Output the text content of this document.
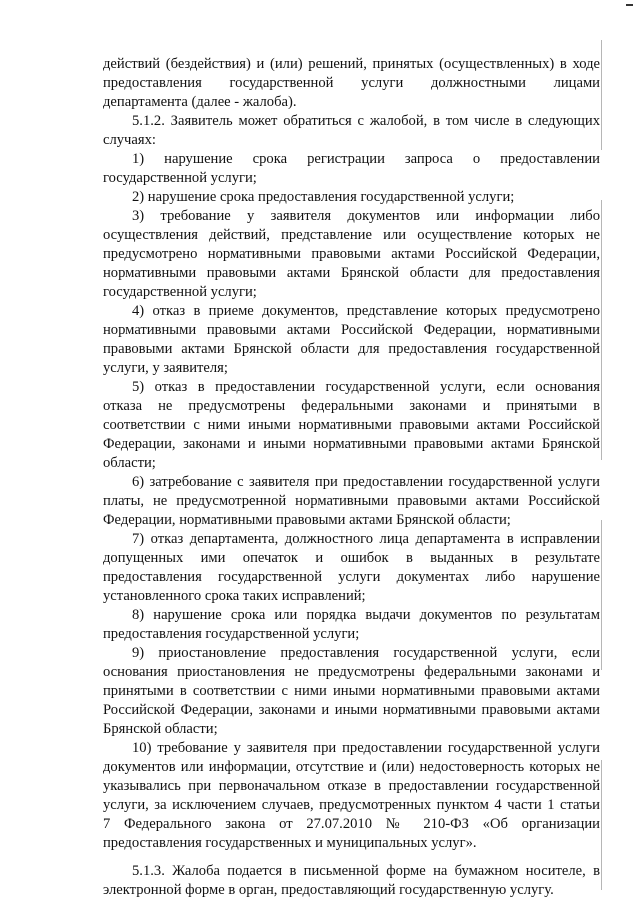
действий (бездействия) и (или) решений, принятых (осуществленных) в ходе
предоставления государственной услуги должностными лицами
департамента (далее - жалоба).
5.1.2. Заявитель может обратиться с жалобой, в том числе в следующих
случаях:
1) нарушение срока регистрации запроса о предоставлении
государственной услуги;
2) нарушение срока предоставления государственной услуги;
3) требование у заявителя документов или информации либо
осуществления действий, представление или осуществление которых не
предусмотрено нормативными правовыми актами Российской Федерации,
нормативными правовыми актами Брянской области для предоставления
государственной услуги;
4) отказ в приеме документов, представление которых предусмотрено
нормативными правовыми актами Российской Федерации, нормативными
правовыми актами Брянской области для предоставления государственной
услуги, у заявителя;
5) отказ в предоставлении государственной услуги, если основания
отказа не предусмотрены федеральными законами и принятыми в
соответствии с ними иными нормативными правовыми актами Российской
Федерации, законами и иными нормативными правовыми актами Брянской
области;
6) затребование с заявителя при предоставлении государственной услуги
платы, не предусмотренной нормативными правовыми актами Российской
Федерации, нормативными правовыми актами Брянской области;
7) отказ департамента, должностного лица департамента в исправлении
допущенных ими опечаток и ошибок в выданных в результате
предоставления государственной услуги документах либо нарушение
установленного срока таких исправлений;
8) нарушение срока или порядка выдачи документов по результатам
предоставления государственной услуги;
9) приостановление предоставления государственной услуги, если
основания приостановления не предусмотрены федеральными законами и
принятыми в соответствии с ними иными нормативными правовыми актами
Российской Федерации, законами и иными нормативными правовыми актами
Брянской области;
10) требование у заявителя при предоставлении государственной услуги
документов или информации, отсутствие и (или) недостоверность которых не
указывались при первоначальном отказе в предоставлении государственной
услуги, за исключением случаев, предусмотренных пунктом 4 части 1 статьи
7 Федерального закона от 27.07.2010 № 210-ФЗ «Об организации
предоставления государственных и муниципальных услуг».
5.1.3. Жалоба подается в письменной форме на бумажном носителе, в
электронной форме в орган, предоставляющий государственную услугу.
